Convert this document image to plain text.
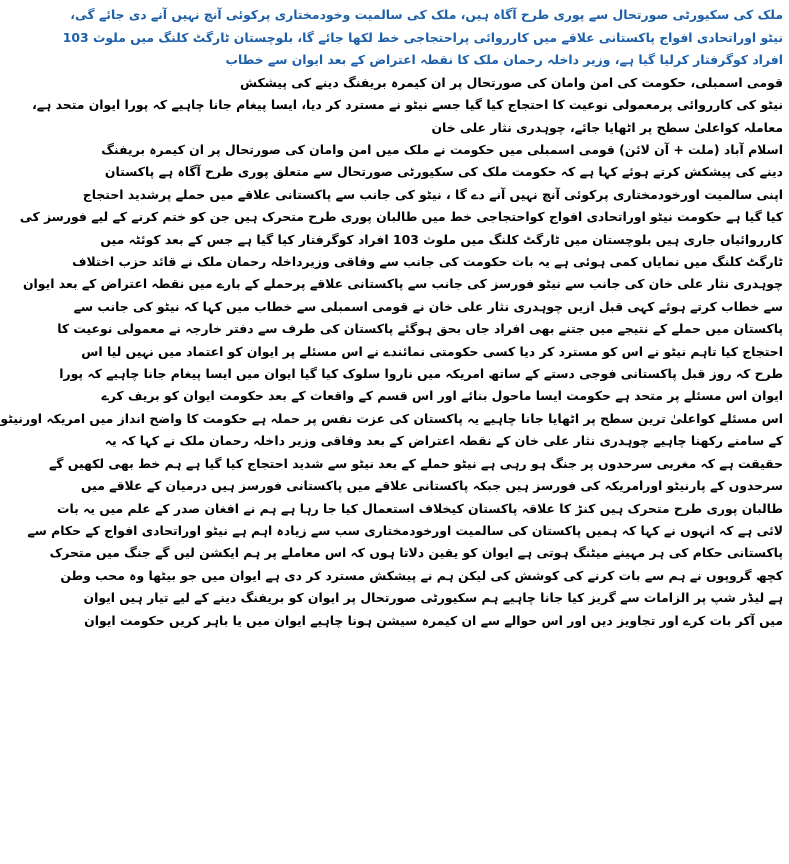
ملک کی سکیورٹی صورتحال سے پوری طرح آگاہ ہیں، ملک کی سالمیت وخودمختاری پرکوئی آنچ نہیں آنے دی جائے گی،
نیٹو اوراتحادی افواج پاکستانی علاقے میں کارروائی پراحتجاجی خط لکھا جائے گا، بلوچستان ٹارگٹ کلنگ میں ملوث 103
افراد کوگرفتار کرلیا گیا ہے، وزیر داخلہ رحمان ملک کا نقطہ اعتراض کے بعد ایوان سے خطاب
قومی اسمبلی، حکومت کی امن وامان کی صورتحال پر ان کیمرہ بریفنگ دینے کی پیشکش
نیٹو کی کارروائی پرمعمولی نوعیت کا احتجاج کیا گیا جسے نیٹو نے مسترد کر دیا، ایسا پیغام جانا چاہیے کہ پورا ایوان متحد ہے،
معاملہ کواعلیٰ سطح پر اٹھایا جائے، چوہدری نثار علی خان
اسلام آباد (ملت + آن لائن) قومی اسمبلی میں حکومت نے ملک میں امن وامان کی صورتحال پر ان کیمرہ بریفنگ
دینے کی پیشکش کرتے ہوئے کہا ہے کہ حکومت ملک کی سکیورٹی صورتحال سے متعلق پوری طرح آگاہ ہے پاکستان
اپنی سالمیت اورخودمختاری پرکوئی آنچ نہیں آنے دے گا ، نیٹو کی جانب سے پاکستانی علاقے میں حملے پرشدید احتجاج
کیا گیا ہے حکومت نیٹو اوراتحادی افواج کواحتجاجی خط میں طالبان پوری طرح متحرک ہیں جن کو ختم کرنے کے لیے فورسز کی
کارروائیاں جاری ہیں بلوچستان میں ٹارگٹ کلنگ میں ملوث 103 افراد کوگرفتار کیا گیا ہے جس کے بعد کوئٹہ میں
ٹارگٹ کلنگ میں نمایاں کمی ہوئی ہے یہ بات حکومت کی جانب سے وفاقی وزیرداخلہ رحمان ملک نے قائد حزب اختلاف
چوہدری نثار علی خان کی جانب سے نیٹو فورسز کی جانب سے پاکستانی علاقے پرحملے کے بارے میں نقطہ اعتراض کے بعد ایوان
سے خطاب کرتے ہوئے کہی قبل ازیں چوہدری نثار علی خان نے قومی اسمبلی سے خطاب میں کہا کہ نیٹو کی جانب سے
پاکستان میں حملے کے نتیجے میں جتنے بھی افراد جاں بحق ہوگئے پاکستان کی طرف سے دفتر خارجہ نے معمولی نوعیت کا
احتجاج کیا تاہم نیٹو نے اس کو مسترد کر دیا کسی حکومتی نمائندے نے اس مسئلے پر ایوان کو اعتماد میں نہیں لیا اس
طرح کہ روز قبل پاکستانی فوجی دستے کے ساتھ امریکہ میں ناروا سلوک کیا گیا ایوان میں ایسا پیغام جانا چاہیے کہ پورا
ایوان اس مسئلے پر متحد ہے حکومت ایسا ماحول بنائے اور اس قسم کے واقعات کے بعد حکومت ایوان کو بریف کرے
اس مسئلے کواعلیٰ ترین سطح پر اٹھایا جانا چاہیے یہ پاکستان کی عزت نفس پر حملہ ہے حکومت کا واضح انداز میں امریکہ اورنیٹو
کے سامنے رکھنا چاہیے چوہدری نثار علی خان کے نقطہ اعتراض کے بعد وفاقی وزیر داخلہ رحمان ملک نے کہا کہ یہ
حقیقت ہے کہ مغربی سرحدوں پر جنگ ہو رہی ہے نیٹو حملے کے بعد نیٹو سے شدید احتجاج کیا گیا ہے ہم خط بھی لکھیں گے
سرحدوں کے پارنیٹو اورامریکہ کی فورسز ہیں جبکہ پاکستانی علاقے میں پاکستانی فورسز ہیں درمیان کے علاقے میں
طالبان پوری طرح متحرک ہیں کنڑ کا علاقہ پاکستان کیخلاف استعمال کیا جا رہا ہے ہم نے افغان صدر کے علم میں یہ بات
لائی ہے کہ انہوں نے کہا کہ ہمیں پاکستان کی سالمیت اورخودمختاری سب سے زیادہ اہم ہے نیٹو اوراتحادی افواج کے حکام سے
پاکستانی حکام کی ہر مہینے میٹنگ ہوتی ہے ایوان کو یقین دلاتا ہوں کہ اس معاملے پر ہم ایکشن لیں گے جنگ میں متحرک
کچھ گروپوں نے ہم سے بات کرنے کی کوشش کی لیکن ہم نے پیشکش مسترد کر دی ہے ایوان میں جو بیٹھا وہ محب وطن
ہے لیڈر شپ پر الزامات سے گریز کیا جانا چاہیے ہم سکیورٹی صورتحال پر ایوان کو بریفنگ دینے کے لیے تیار ہیں ایوان
میں آکر بات کرے اور تجاویز دیں اور اس حوالے سے ان کیمرہ سیشن ہونا چاہیے ایوان میں یا باہر کریں حکومت ایوان
